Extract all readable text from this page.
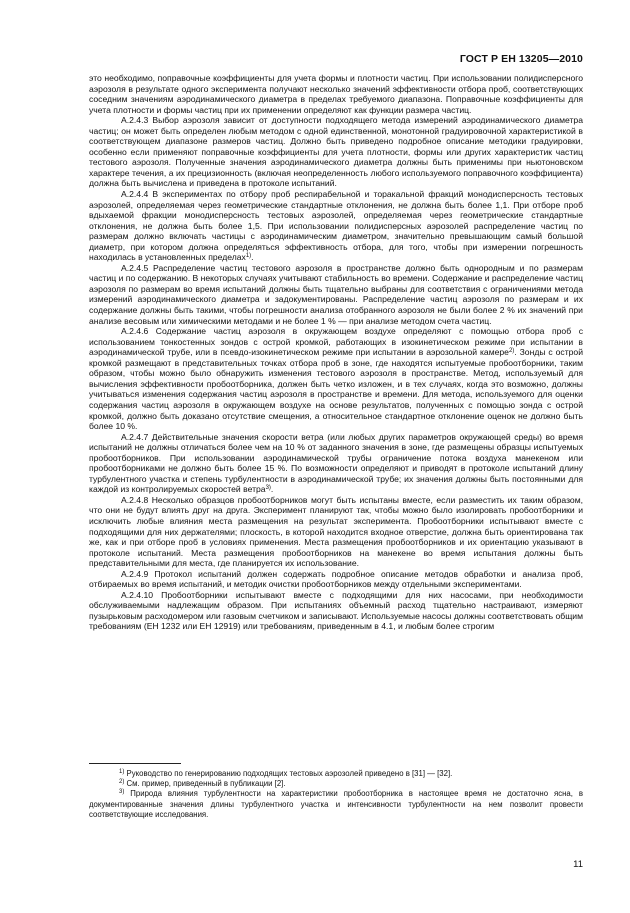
ГОСТ Р ЕН 13205—2010

это необходимо, поправочные коэффициенты для учета формы и плотности частиц. При использовании полидисперсного аэрозоля в результате одного эксперимента получают несколько значений эффективности отбора проб, соответствующих соседним значениям аэродинамического диаметра в пределах требуемого диапазона. Поправочные коэффициенты для учета плотности и формы частиц при их применении определяют как функции размера частиц.

А.2.4.3 Выбор аэрозоля зависит от доступности подходящего метода измерений аэродинамического диаметра частиц; он может быть определен любым методом с одной единственной, монотонной градуировочной характеристикой в соответствующем диапазоне размеров частиц. Должно быть приведено подробное описание методики градуировки, особенно если применяют поправочные коэффициенты для учета плотности, формы или других характеристик частиц тестового аэрозоля. Полученные значения аэродинамического диаметра должны быть применимы при ньютоновском характере течения, а их прецизионность (включая неопределенность любого используемого поправочного коэффициента) должна быть вычислена и приведена в протоколе испытаний.

А.2.4.4 В экспериментах по отбору проб респирабельной и торакальной фракций монодисперсность тестовых аэрозолей, определяемая через геометрические стандартные отклонения, не должна быть более 1,1. При отборе проб вдыхаемой фракции монодисперсность тестовых аэрозолей, определяемая через геометрические стандартные отклонения, не должна быть более 1,5. При использовании полидисперсных аэрозолей распределение частиц по размерам должно включать частицы с аэродинамическим диаметром, значительно превышающим самый большой диаметр, при котором должна определяться эффективность отбора, для того, чтобы при измерении погрешность находилась в установленных пределах$^{1)}$.

А.2.4.5 Распределение частиц тестового аэрозоля в пространстве должно быть однородным и по размерам частиц и по содержанию. В некоторых случаях учитывают стабильность во времени. Содержание и распределение частиц аэрозоля по размерам во время испытаний должны быть тщательно выбраны для соответствия с ограничениями метода измерений аэродинамического диаметра и задокументированы. Распределение частиц аэрозоля по размерам и их содержание должны быть такими, чтобы погрешности анализа отобранного аэрозоля не были более 2 % их значений при анализе весовым или химическими методами и не более 1 % — при анализе методом счета частиц.

А.2.4.6 Содержание частиц аэрозоля в окружающем воздухе определяют с помощью отбора проб с использованием тонкостенных зондов с острой кромкой, работающих в изокинетическом режиме при испытании в аэродинамической трубе, или в псевдо-изокинетическом режиме при испытании в аэрозольной камере$^{2)}$. Зонды с острой кромкой размещают в представительных точках отбора проб в зоне, где находятся испытуемые пробоотборники, таким образом, чтобы можно было обнаружить изменения тестового аэрозоля в пространстве. Метод, используемый для вычисления эффективности пробоотборника, должен быть четко изложен, и в тех случаях, когда это возможно, должны учитываться изменения содержания частиц аэрозоля в пространстве и времени. Для метода, используемого для оценки содержания частиц аэрозоля в окружающем воздухе на основе результатов, полученных с помощью зонда с острой кромкой, должно быть доказано отсутствие смещения, а относительное стандартное отклонение оценок не должно быть более 10 %.

А.2.4.7 Действительные значения скорости ветра (или любых других параметров окружающей среды) во время испытаний не должны отличаться более чем на 10 % от заданного значения в зоне, где размещены образцы испытуемых пробоотборников. При использовании аэродинамической трубы ограничение потока воздуха манекеном или пробоотборниками не должно быть более 15 %. По возможности определяют и приводят в протоколе испытаний длину турбулентного участка и степень турбулентности в аэродинамической трубе; их значения должны быть постоянными для каждой из контролируемых скоростей ветра$^{3)}$.

А.2.4.8 Несколько образцов пробоотборников могут быть испытаны вместе, если разместить их таким образом, что они не будут влиять друг на друга. Эксперимент планируют так, чтобы можно было изолировать пробоотборники и исключить любые влияния места размещения на результат эксперимента. Пробоотборники испытывают вместе с подходящими для них держателями; плоскость, в которой находится входное отверстие, должна быть ориентирована так же, как и при отборе проб в условиях применения. Места размещения пробоотборников и их ориентацию указывают в протоколе испытаний. Места размещения пробоотборников на манекене во время испытания должны быть представительными для места, где планируется их использование.

А.2.4.9 Протокол испытаний должен содержать подробное описание методов обработки и анализа проб, отбираемых во время испытаний, и методик очистки пробоотборников между отдельными экспериментами.

А.2.4.10 Пробоотборники испытывают вместе с подходящими для них насосами, при необходимости обслуживаемыми надлежащим образом. При испытаниях объемный расход тщательно настраивают, измеряют пузырьковым расходомером или газовым счетчиком и записывают. Используемые насосы должны соответствовать общим требованиям (ЕН 1232 или ЕН 12919) или требованиям, приведенным в 4.1, и любым более строгим

$^{1)}$ Руководство по генерированию подходящих тестовых аэрозолей приведено в [31] — [32].

$^{2)}$ См. пример, приведенный в публикации [2].

$^{3)}$ Природа влияния турбулентности на характеристики пробоотборника в настоящее время не достаточно ясна, в документированные значения длины турбулентного участка и интенсивности турбулентности на нем позволит провести соответствующие исследования.

11
